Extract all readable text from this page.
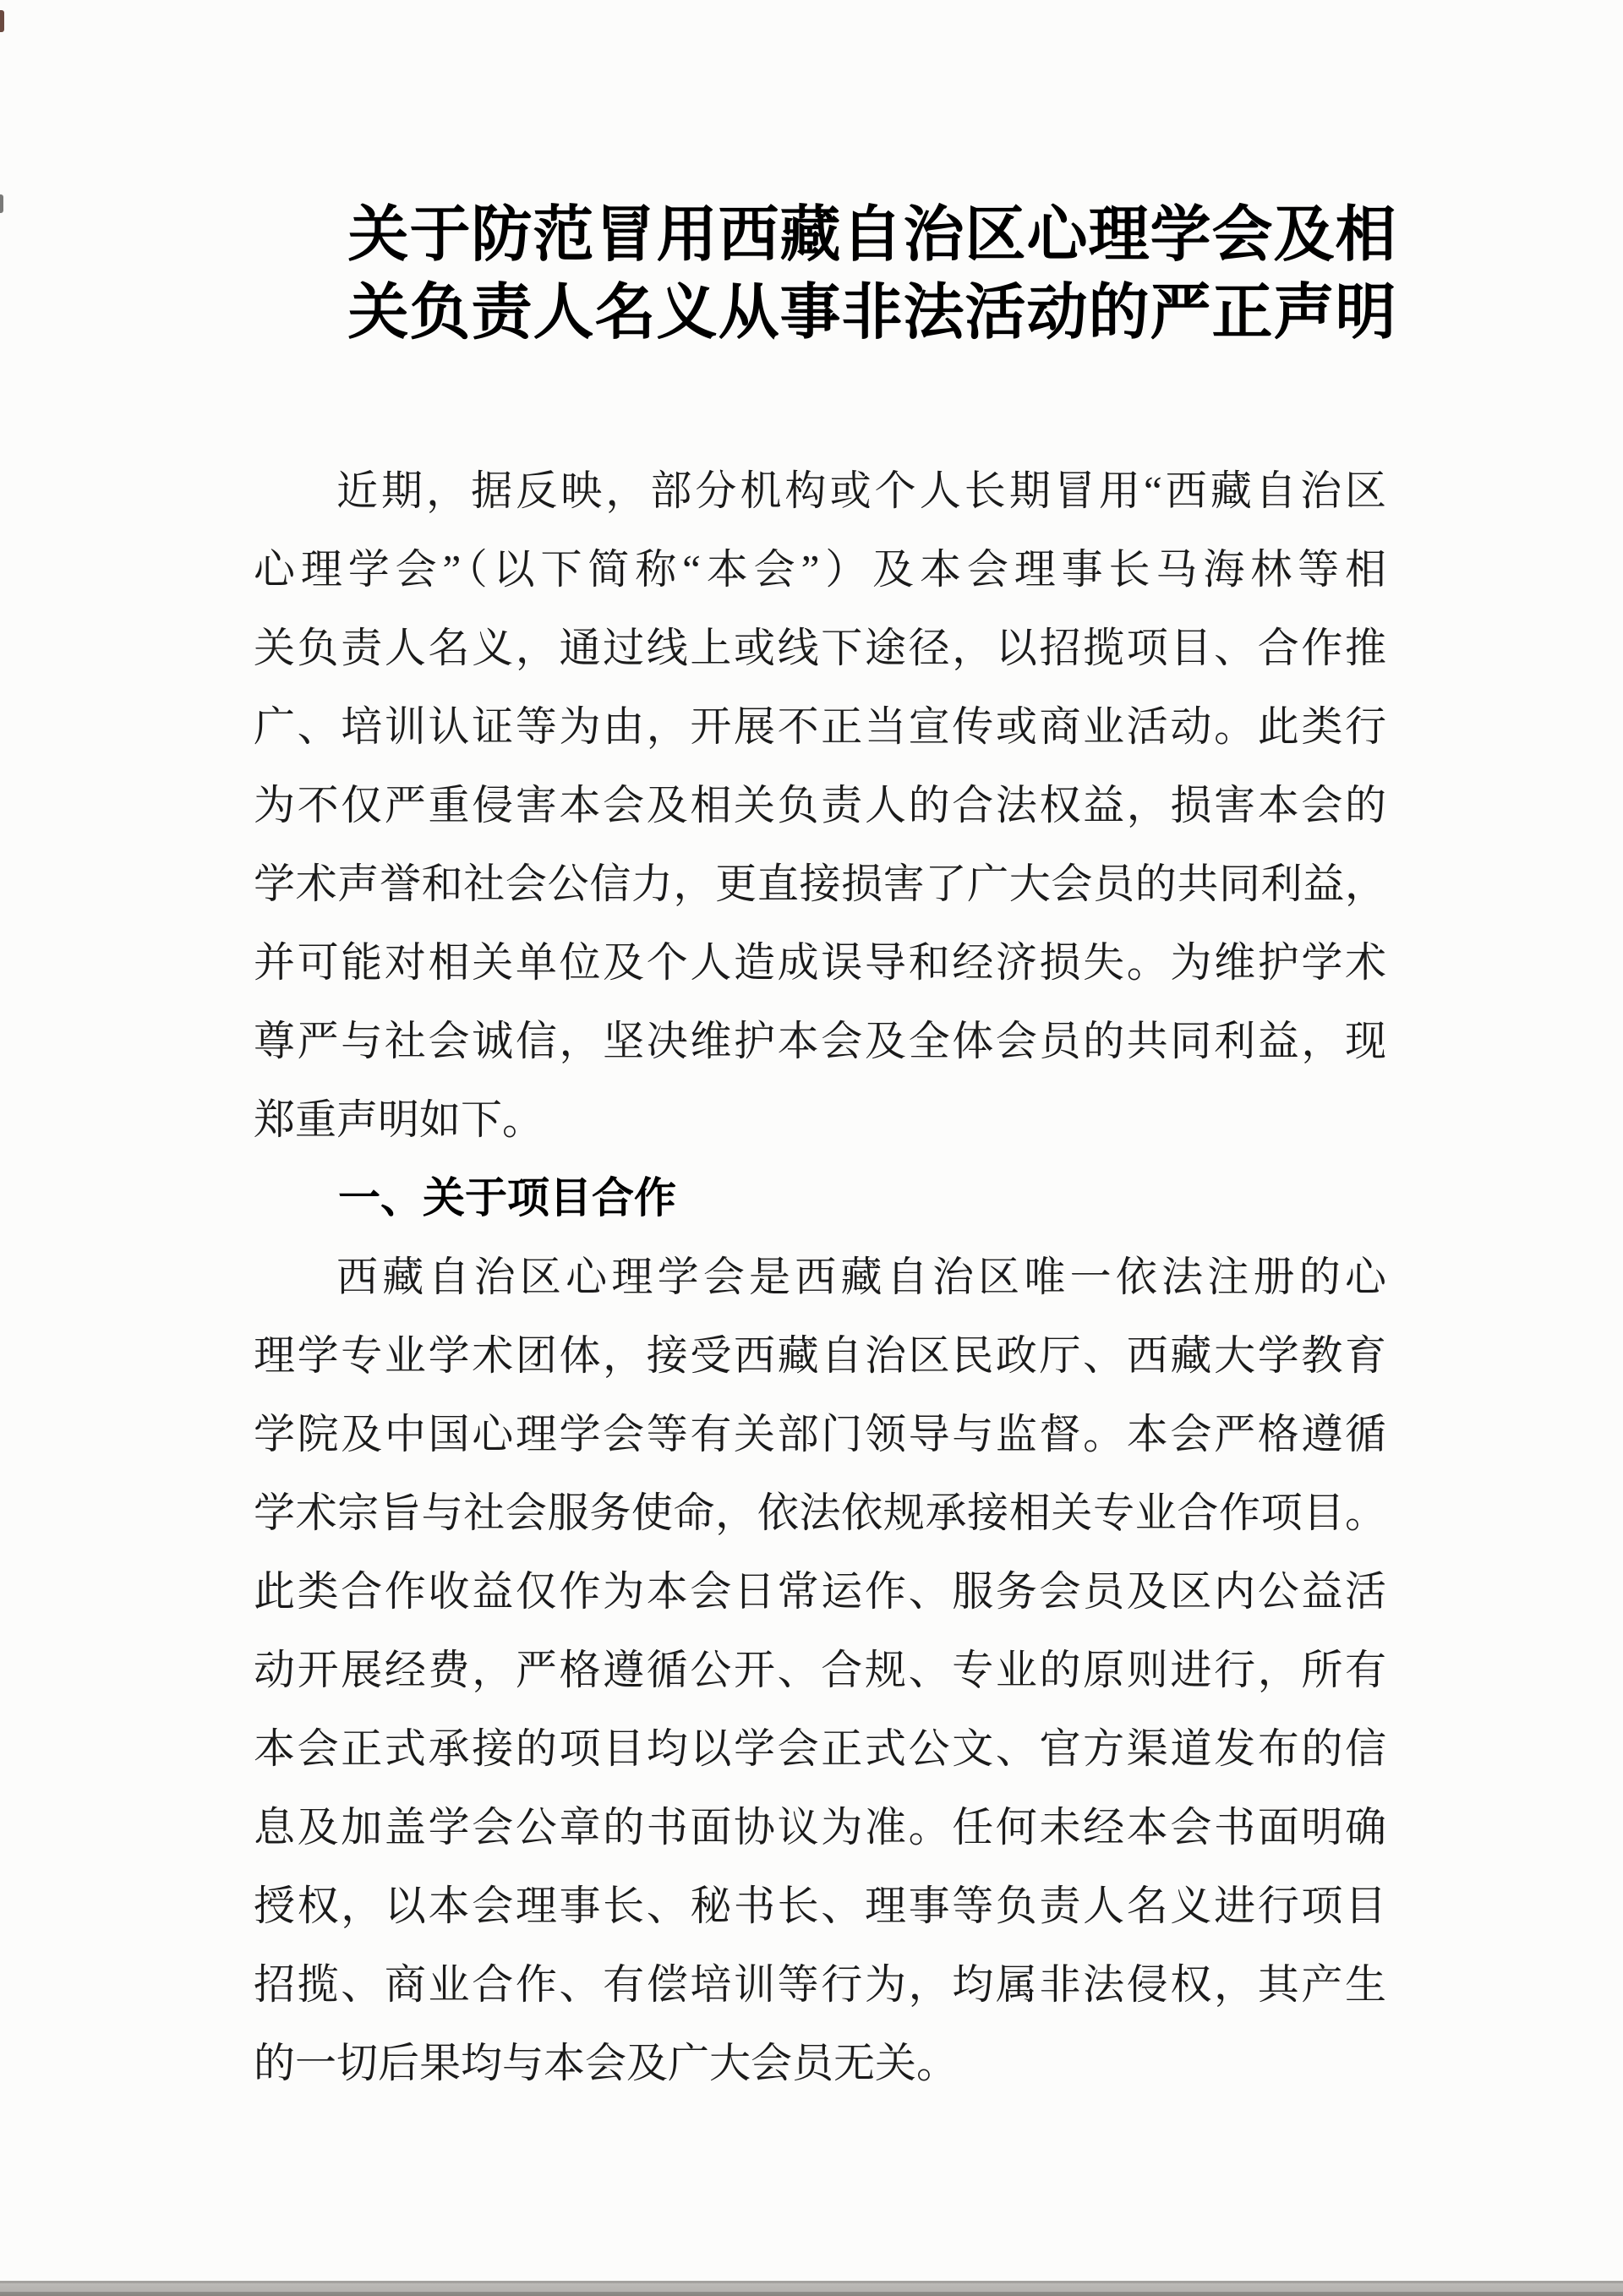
关于防范冒用西藏自治区心理学会及相
关负责人名义从事非法活动的严正声明
近期，据反映，部分机构或个人长期冒用“西藏自治区
心理学会”（以下简称“本会”）及本会理事长马海林等相
关负责人名义，通过线上或线下途径，以招揽项目、合作推
广、培训认证等为由，开展不正当宣传或商业活动。此类行
为不仅严重侵害本会及相关负责人的合法权益，损害本会的
学术声誉和社会公信力，更直接损害了广大会员的共同利益，
并可能对相关单位及个人造成误导和经济损失。为维护学术
尊严与社会诚信，坚决维护本会及全体会员的共同利益，现
郑重声明如下。
一、关于项目合作
西藏自治区心理学会是西藏自治区唯一依法注册的心
理学专业学术团体，接受西藏自治区民政厅、西藏大学教育
学院及中国心理学会等有关部门领导与监督。本会严格遵循
学术宗旨与社会服务使命，依法依规承接相关专业合作项目。
此类合作收益仅作为本会日常运作、服务会员及区内公益活
动开展经费，严格遵循公开、合规、专业的原则进行，所有
本会正式承接的项目均以学会正式公文、官方渠道发布的信
息及加盖学会公章的书面协议为准。任何未经本会书面明确
授权，以本会理事长、秘书长、理事等负责人名义进行项目
招揽、商业合作、有偿培训等行为，均属非法侵权，其产生
的一切后果均与本会及广大会员无关。
